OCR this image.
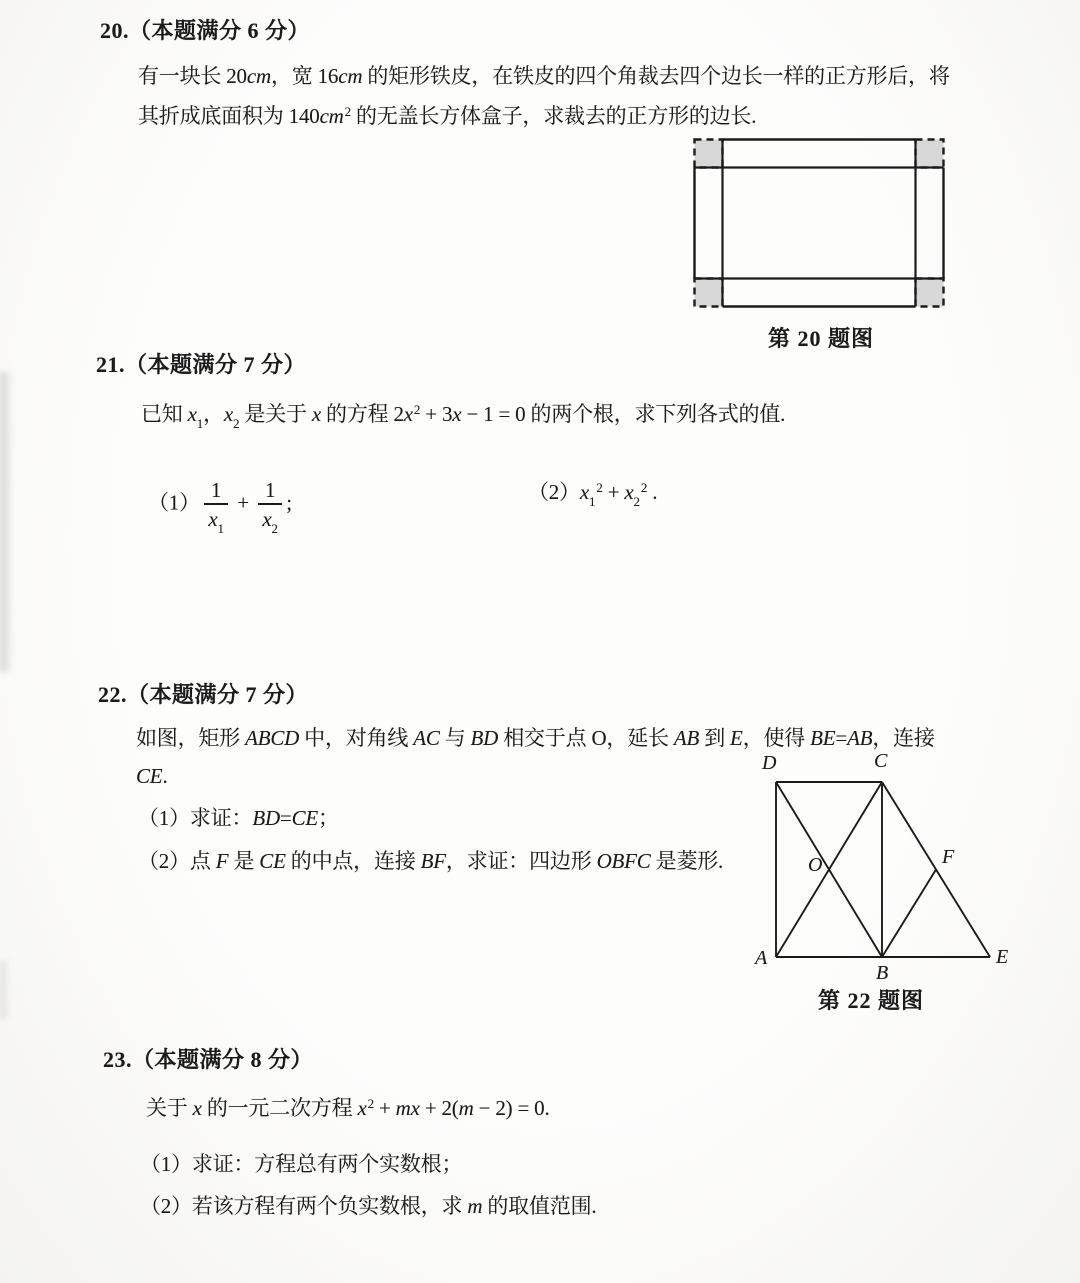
20.（本题满分 6 分）
有一块长 20cm，宽 16cm 的矩形铁皮，在铁皮的四个角裁去四个边长一样的正方形后，将
其折成底面积为 $140cm^2$ 的无盖长方体盒子，求裁去的正方形的边长.
第 20 题图
21.（本题满分 7 分）
已知 $x_1$，$x_2$ 是关于 x 的方程 $2x^2 + 3x - 1 = 0$ 的两个根，求下列各式的值.
$(1) \frac{1}{x_1} + \frac{1}{x_2}$ ;	$(2)x_1^2 + x_2^2$ .
22.（本题满分 7 分）
如图，矩形 ABCD 中，对角线 AC 与 BD 相交于点 O，延长 AB 到 E，使得 BE=AB，连接
CE.
（1）求证：BD=CE；
（2）点 F 是 CE 的中点，连接 BF，求证：四边形 OBFC 是菱形.
D	C
O	F
A
B
E
第 22 题图
23.（本题满分 8 分）
关于 x 的一元二次方程 $x^2$ + mx + 2(m − 2) = 0.
（1）求证：方程总有两个实数根；
（2）若该方程有两个负实数根，求 m 的取值范围.
